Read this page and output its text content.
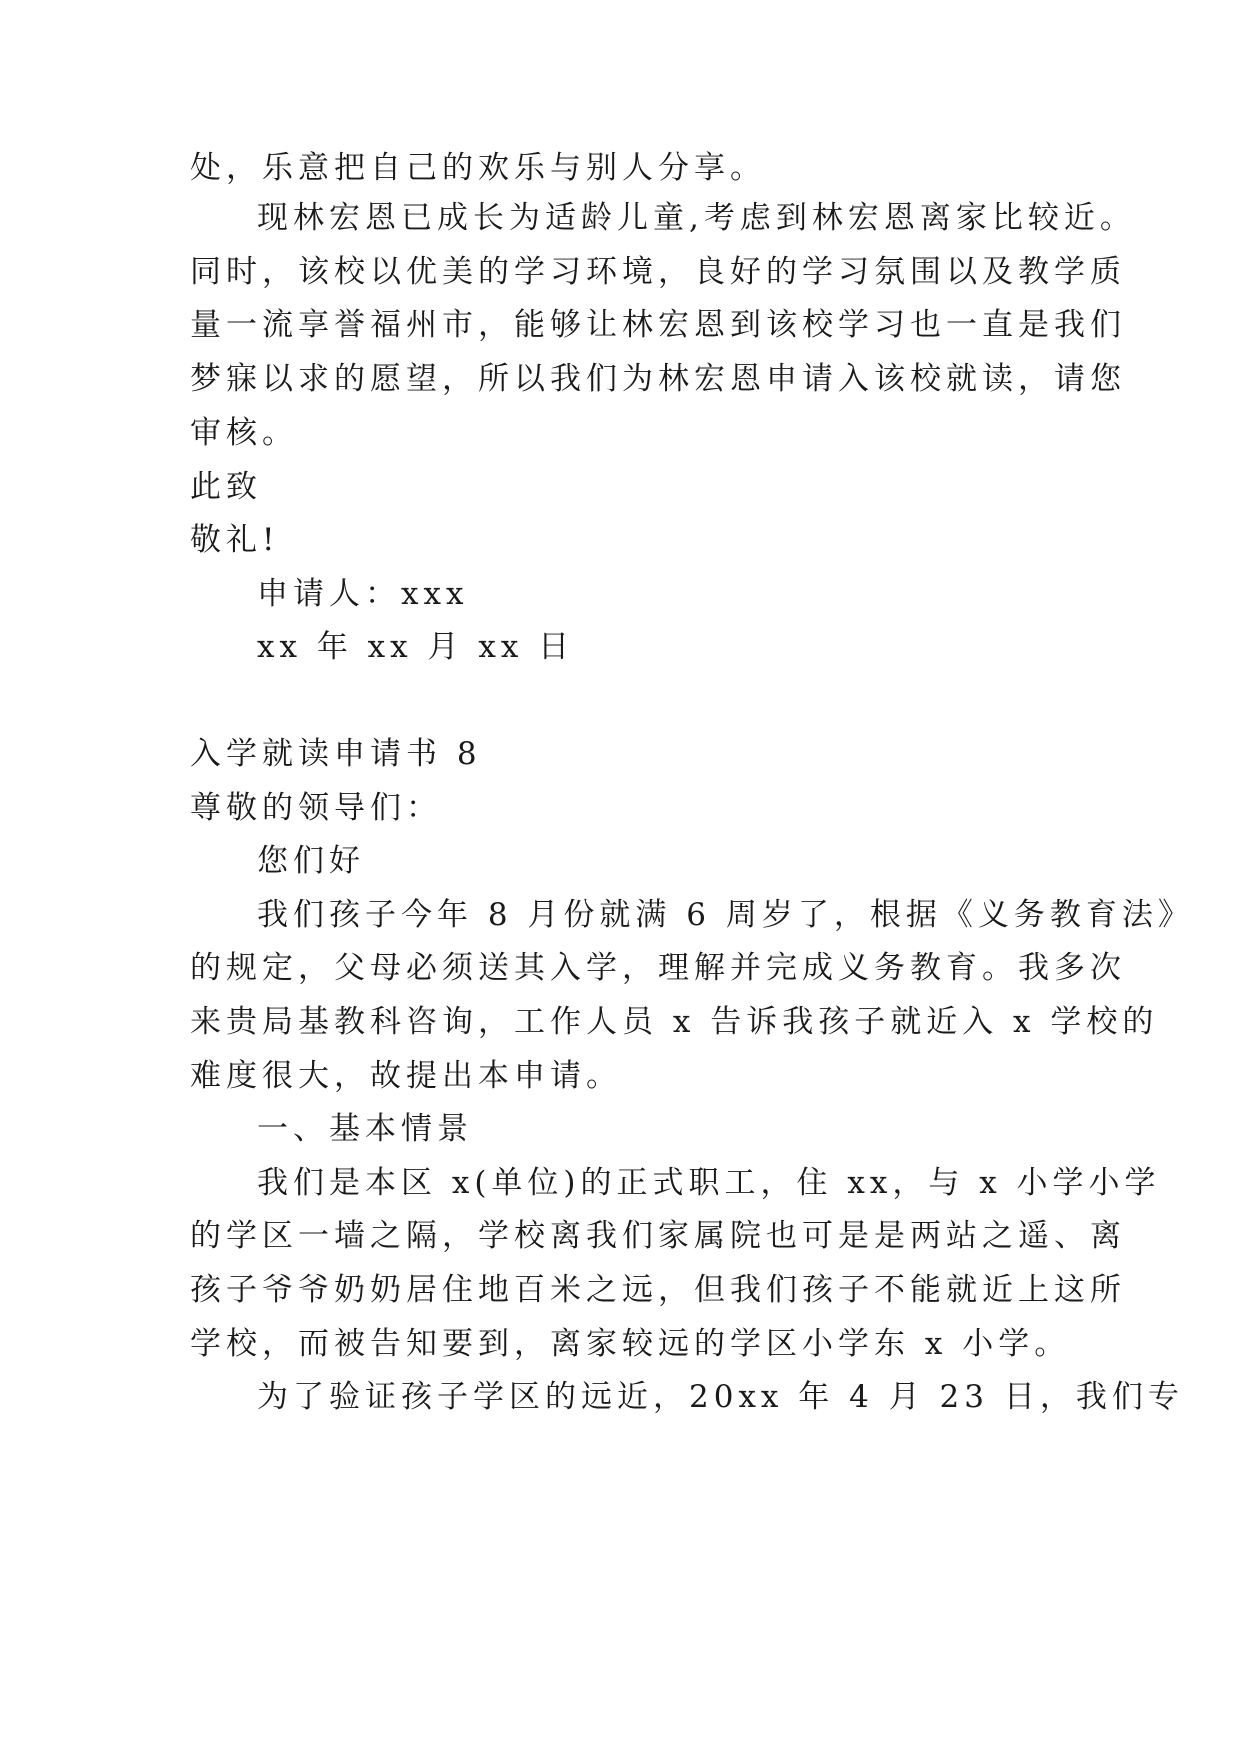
处，乐意把自己的欢乐与别人分享。
现林宏恩已成长为适龄儿童,考虑到林宏恩离家比较近。
同时，该校以优美的学习环境，良好的学习氛围以及教学质
量一流享誉福州市，能够让林宏恩到该校学习也一直是我们
梦寐以求的愿望，所以我们为林宏恩申请入该校就读，请您
审核。
此致
敬礼!
申请人：xxx
xx 年 xx 月 xx 日
入学就读申请书 8
尊敬的领导们：
您们好
我们孩子今年 8 月份就满 6 周岁了，根据《义务教育法》
的规定，父母必须送其入学，理解并完成义务教育。我多次
来贵局基教科咨询，工作人员 x 告诉我孩子就近入 x 学校的
难度很大，故提出本申请。
一、基本情景
我们是本区 x(单位)的正式职工，住 xx，与 x 小学小学
的学区一墙之隔，学校离我们家属院也可是是两站之遥、离
孩子爷爷奶奶居住地百米之远，但我们孩子不能就近上这所
学校，而被告知要到，离家较远的学区小学东 x 小学。
为了验证孩子学区的远近，20xx 年 4 月 23 日，我们专
